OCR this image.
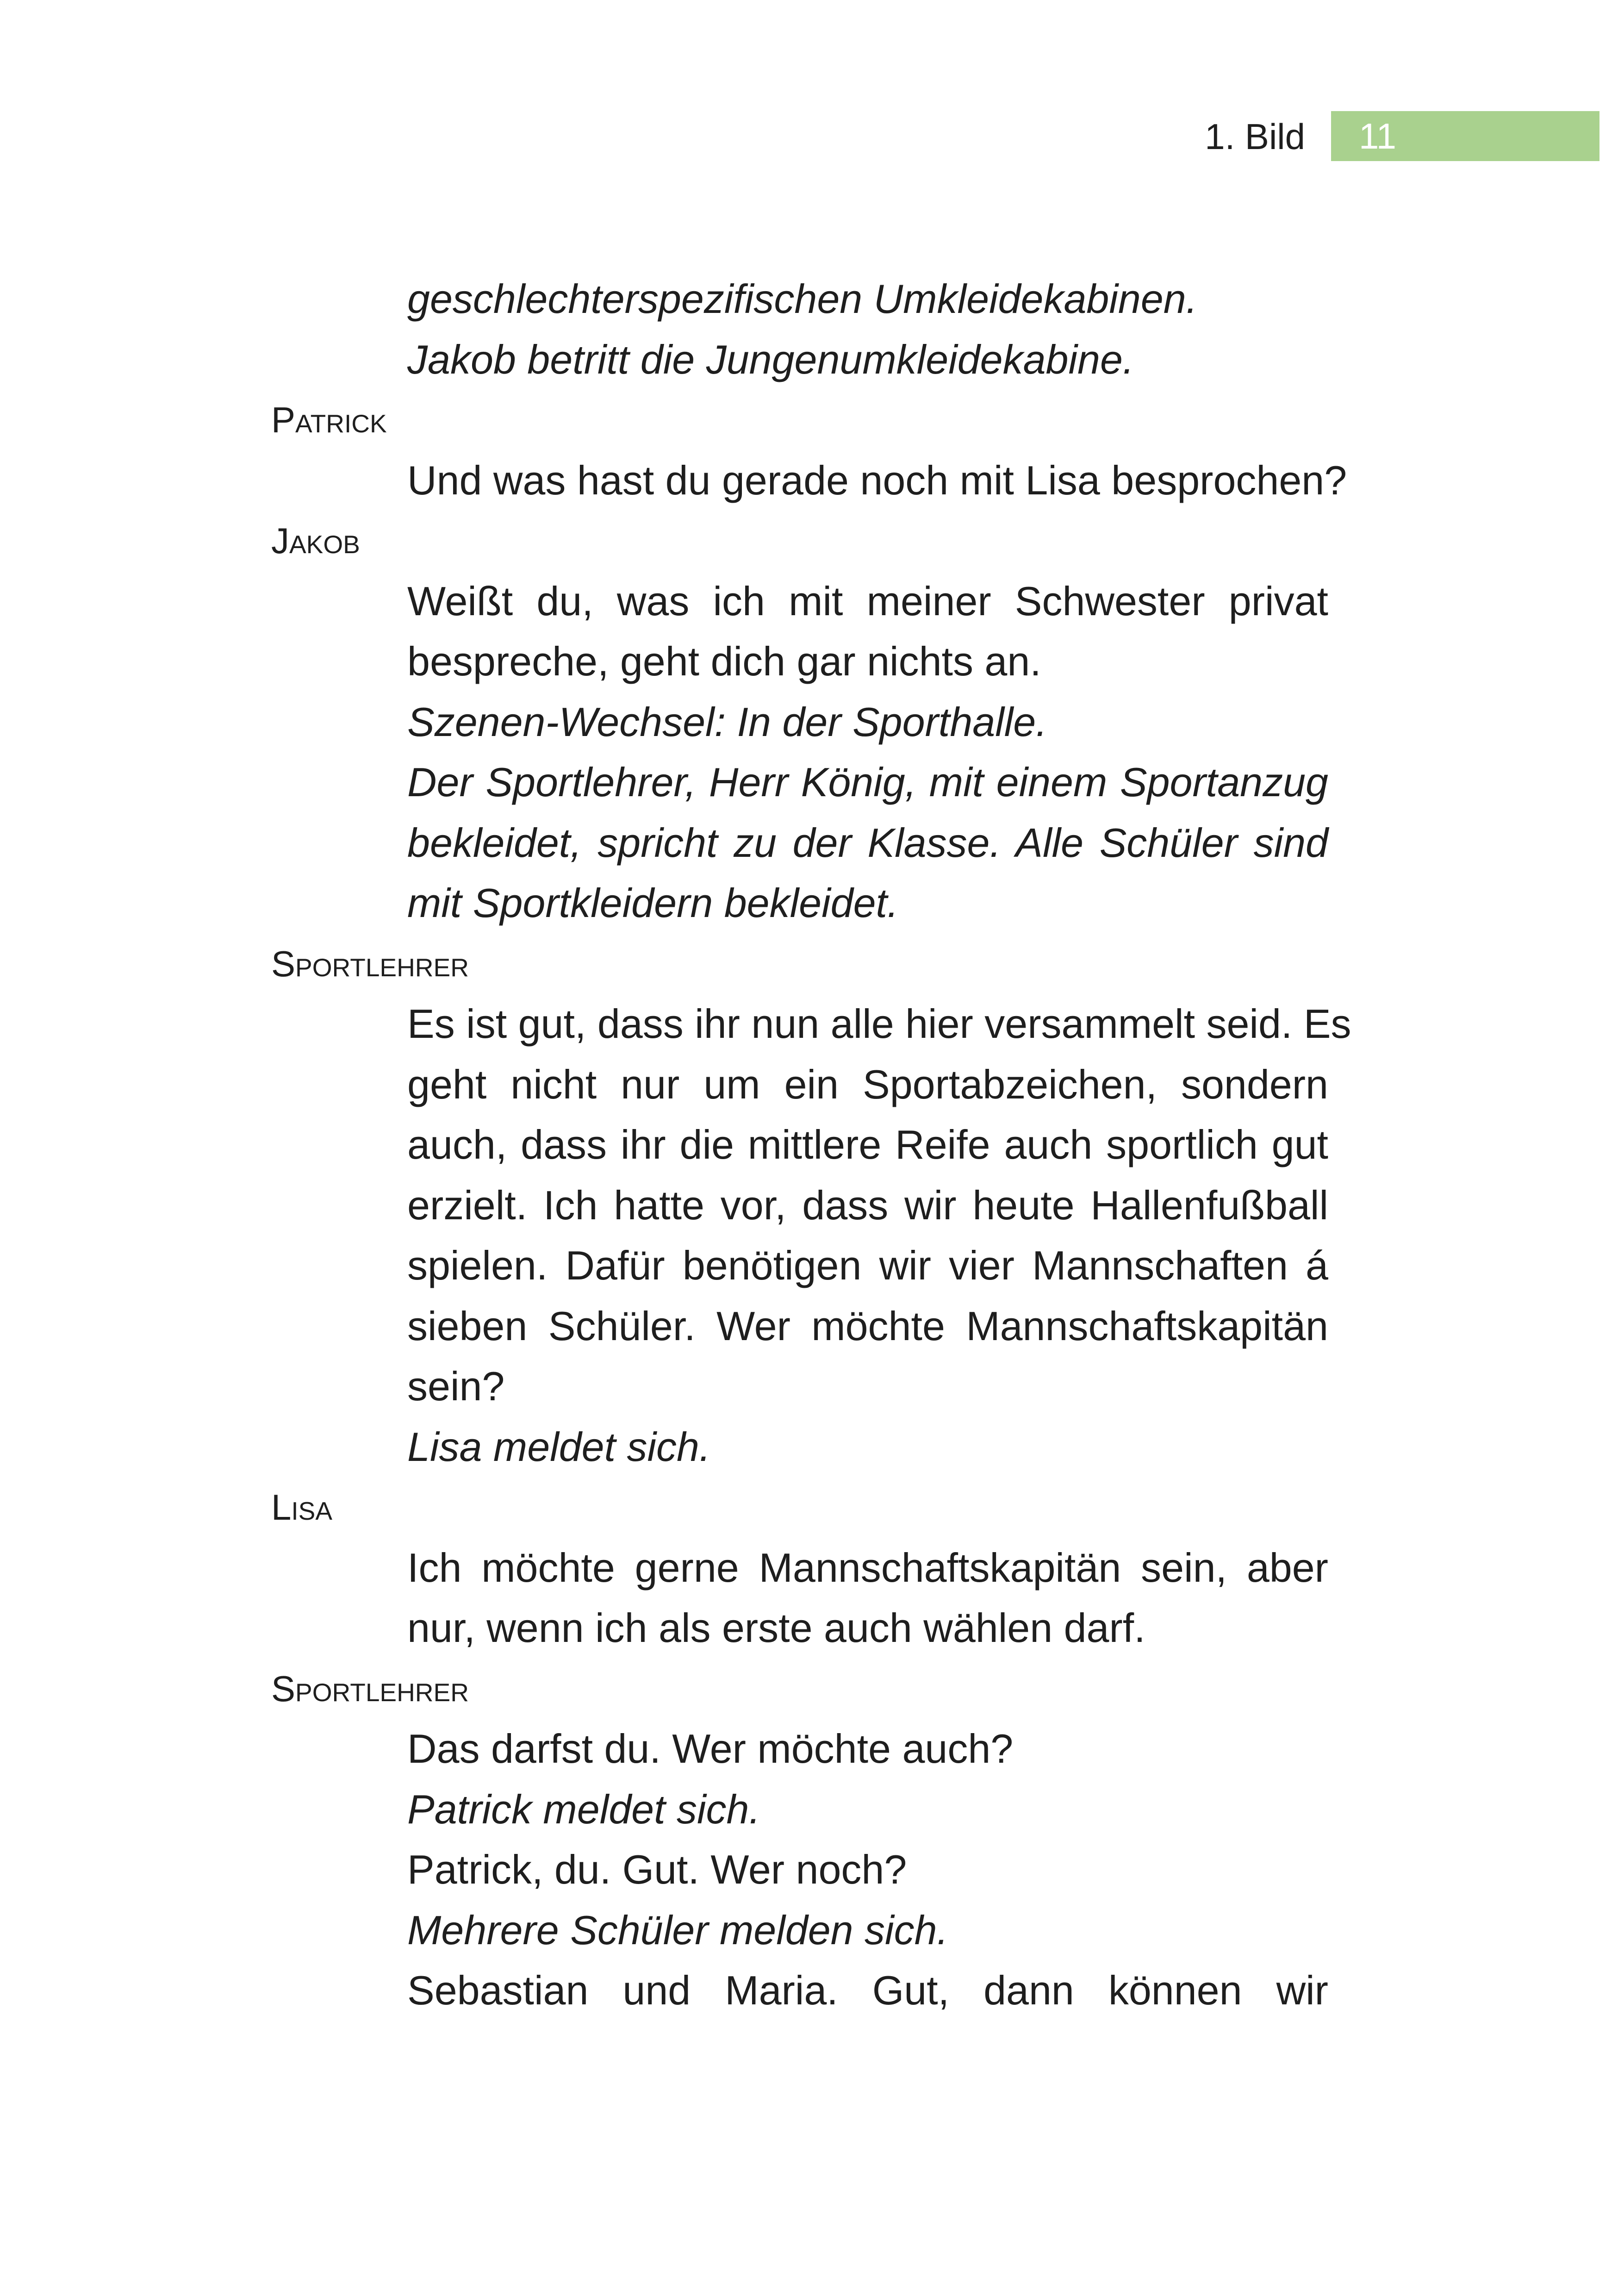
1. Bild 11
geschlechterspezifischen Umkleidekabinen.
Jakob betritt die Jungenumkleidekabine.
Patrick
Und was hast du gerade noch mit Lisa besprochen?
Jakob
Weißt du, was ich mit meiner Schwester privat
bespreche, geht dich gar nichts an.
Szenen-Wechsel: In der Sporthalle.
Der Sportlehrer, Herr König, mit einem Sportanzug
bekleidet, spricht zu der Klasse. Alle Schüler sind
mit Sportkleidern bekleidet.
Sportlehrer
Es ist gut, dass ihr nun alle hier versammelt seid. Es
geht nicht nur um ein Sportabzeichen, sondern
auch, dass ihr die mittlere Reife auch sportlich gut
erzielt. Ich hatte vor, dass wir heute Hallenfußball
spielen. Dafür benötigen wir vier Mannschaften á
sieben Schüler. Wer möchte Mannschaftskapitän
sein?
Lisa meldet sich.
Lisa
Ich möchte gerne Mannschaftskapitän sein, aber
nur, wenn ich als erste auch wählen darf.
Sportlehrer
Das darfst du. Wer möchte auch?
Patrick meldet sich.
Patrick, du. Gut. Wer noch?
Mehrere Schüler melden sich.
Sebastian und Maria. Gut, dann können wir
